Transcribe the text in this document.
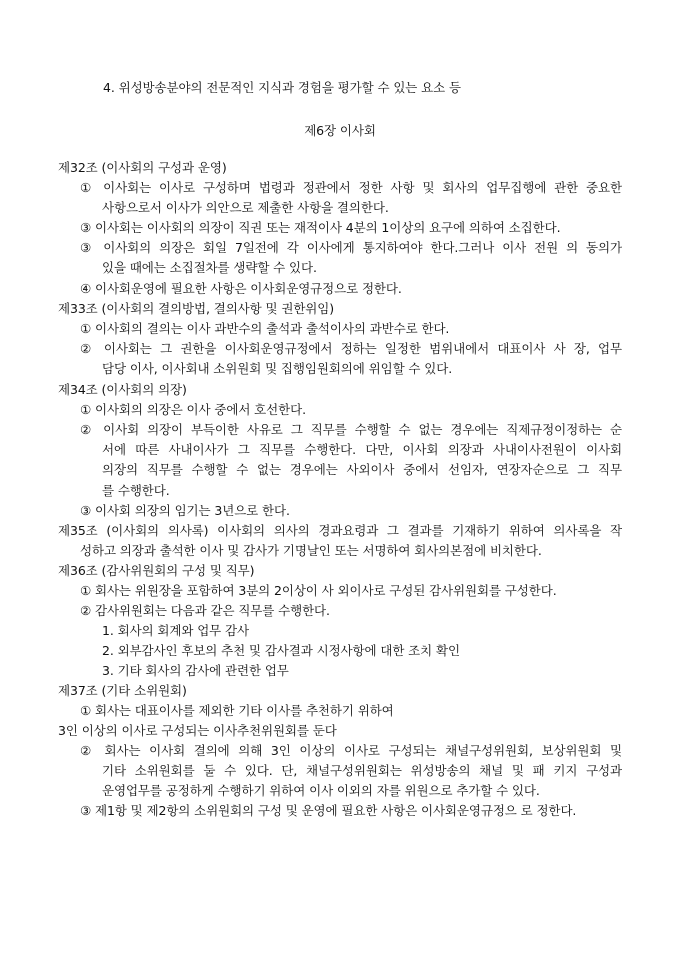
4. 위성방송분야의 전문적인 지식과 경험을 평가할 수 있는 요소 등
제6장 이사회
제32조 (이사회의 구성과 운영)
① 이사회는 이사로 구성하며 법령과 정관에서 정한 사항 및 회사의 업무집행에 관한 중요한
사항으로서 이사가 의안으로 제출한 사항을 결의한다.
③ 이사회는 이사회의 의장이 직권 또는 재적이사 4분의 1이상의 요구에 의하여 소집한다.
③ 이사회의 의장은 회일 7일전에 각 이사에게 통지하여야 한다.그러나 이사 전원 의 동의가
있을 때에는 소집절차를 생략할 수 있다.
④ 이사회운영에 필요한 사항은 이사회운영규정으로 정한다.
제33조 (이사회의 결의방법, 결의사항 및 권한위임)
① 이사회의 결의는 이사 과반수의 출석과 출석이사의 과반수로 한다.
② 이사회는 그 권한을 이사회운영규정에서 정하는 일정한 범위내에서 대표이사 사 장, 업무
담당 이사, 이사회내 소위원회 및 집행임원회의에 위임할 수 있다.
제34조 (이사회의 의장)
① 이사회의 의장은 이사 중에서 호선한다.
② 이사회 의장이 부득이한 사유로 그 직무를 수행할 수 없는 경우에는 직제규정이정하는 순
서에 따른 사내이사가 그 직무를 수행한다. 다만, 이사회 의장과 사내이사전원이 이사회
의장의 직무를 수행할 수 없는 경우에는 사외이사 중에서 선임자, 연장자순으로 그 직무
를 수행한다.
③ 이사회 의장의 임기는 3년으로 한다.
제35조 (이사회의 의사록) 이사회의 의사의 경과요령과 그 결과를 기재하기 위하여 의사록을 작
성하고 의장과 출석한 이사 및 감사가 기명날인 또는 서명하여 회사의본점에 비치한다.
제36조 (감사위원회의 구성 및 직무)
① 회사는 위원장을 포함하여 3분의 2이상이 사 외이사로 구성된 감사위원회를 구성한다.
② 감사위원회는 다음과 같은 직무를 수행한다.
1. 회사의 회계와 업무 감사
2. 외부감사인 후보의 추천 및 감사결과 시정사항에 대한 조치 확인
3. 기타 회사의 감사에 관련한 업무
제37조 (기타 소위원회)
① 회사는 대표이사를 제외한 기타 이사를 추천하기 위하여
3인 이상의 이사로 구성되는 이사추천위원회를 둔다
② 회사는 이사회 결의에 의해 3인 이상의 이사로 구성되는 채널구성위원회, 보상위원회 및
기타 소위원회를 둘 수 있다. 단, 채널구성위원회는 위성방송의 채널 및 패 키지 구성과
운영업무를 공정하게 수행하기 위하여 이사 이외의 자를 위원으로 추가할 수 있다.
③ 제1항 및 제2항의 소위원회의 구성 및 운영에 필요한 사항은 이사회운영규정으 로 정한다.
